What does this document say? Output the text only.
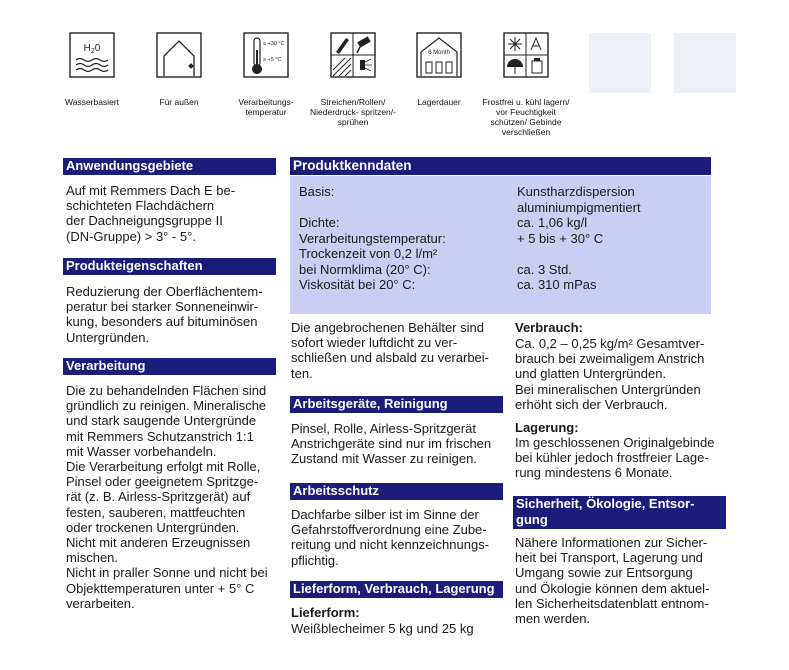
$H_20$
Wasserbasiert	Für außen
≤ +30 °C
≥ +5 °C
Verarbeitungs- temperatur
Streichen/Rollen/ Niederdruck- spritzen/-sprühen
6 Month
Lagerdauer	Frostfrei u. kühl lagern/ vor Feuchtigkeit schützen/ Gebinde verschließen
Anwendungsgebiete
Auf mit Remmers Dach E be-
schichteten Flachdächern
der Dachneigungsgruppe II
(DN-Gruppe) > 3° - 5°.
Produkteigenschaften
Reduzierung der Oberflächentem-
peratur bei starker Sonneneinwir-
kung, besonders auf bituminösen
Untergründen.
Verarbeitung
Die zu behandelnden Flächen sind
gründlich zu reinigen. Mineralische
und stark saugende Untergründe
mit Remmers Schutzanstrich 1:1
mit Wasser vorbehandeln.
Die Verarbeitung erfolgt mit Rolle,
Pinsel oder geeignetem Spritzge-
rät (z. B. Airless-Spritzgerät) auf
festen, sauberen, mattfeuchten
oder trockenen Untergründen.
Nicht mit anderen Erzeugnissen
mischen.
Nicht in praller Sonne und nicht bei
Objekttemperaturen unter + 5° C
verarbeiten.
Produktkenndaten
Basis:

Dichte:
Verarbeitungstemperatur:
Trockenzeit von 0,2 l/m²
bei Normklima (20° C):
Viskosität bei 20° C:
Kunstharzdispersion
aluminiumpigmentiert
ca. 1,06 kg/l
+ 5 bis + 30° C

ca. 3 Std.
ca. 310 mPas
Die angebrochenen Behälter sind
sofort wieder luftdicht zu ver-
schließen und alsbald zu verarbei-
ten.
Arbeitsgeräte, Reinigung
Pinsel, Rolle, Airless-Spritzgerät
Anstrichgeräte sind nur im frischen
Zustand mit Wasser zu reinigen.
Arbeitsschutz
Dachfarbe silber ist im Sinne der
Gefahrstoffverordnung eine Zube-
reitung und nicht kennzeichnungs-
pflichtig.
Lieferform, Verbrauch, Lagerung
Lieferform:
Weißblecheimer 5 kg und 25 kg
Verbrauch:
Ca. 0,2 – 0,25 kg/m² Gesamtver-
brauch bei zweimaligem Anstrich
und glatten Untergründen.
Bei mineralischen Untergründen
erhöht sich der Verbrauch.
Lagerung:
Im geschlossenen Originalgebinde
bei kühler jedoch frostfreier Lage-
rung mindestens 6 Monate.
Sicherheit, Ökologie, Entsor-
gung
Nähere Informationen zur Sicher-
heit bei Transport, Lagerung und
Umgang sowie zur Entsorgung
und Ökologie können dem aktuel-
len Sicherheitsdatenblatt entnom-
men werden.
